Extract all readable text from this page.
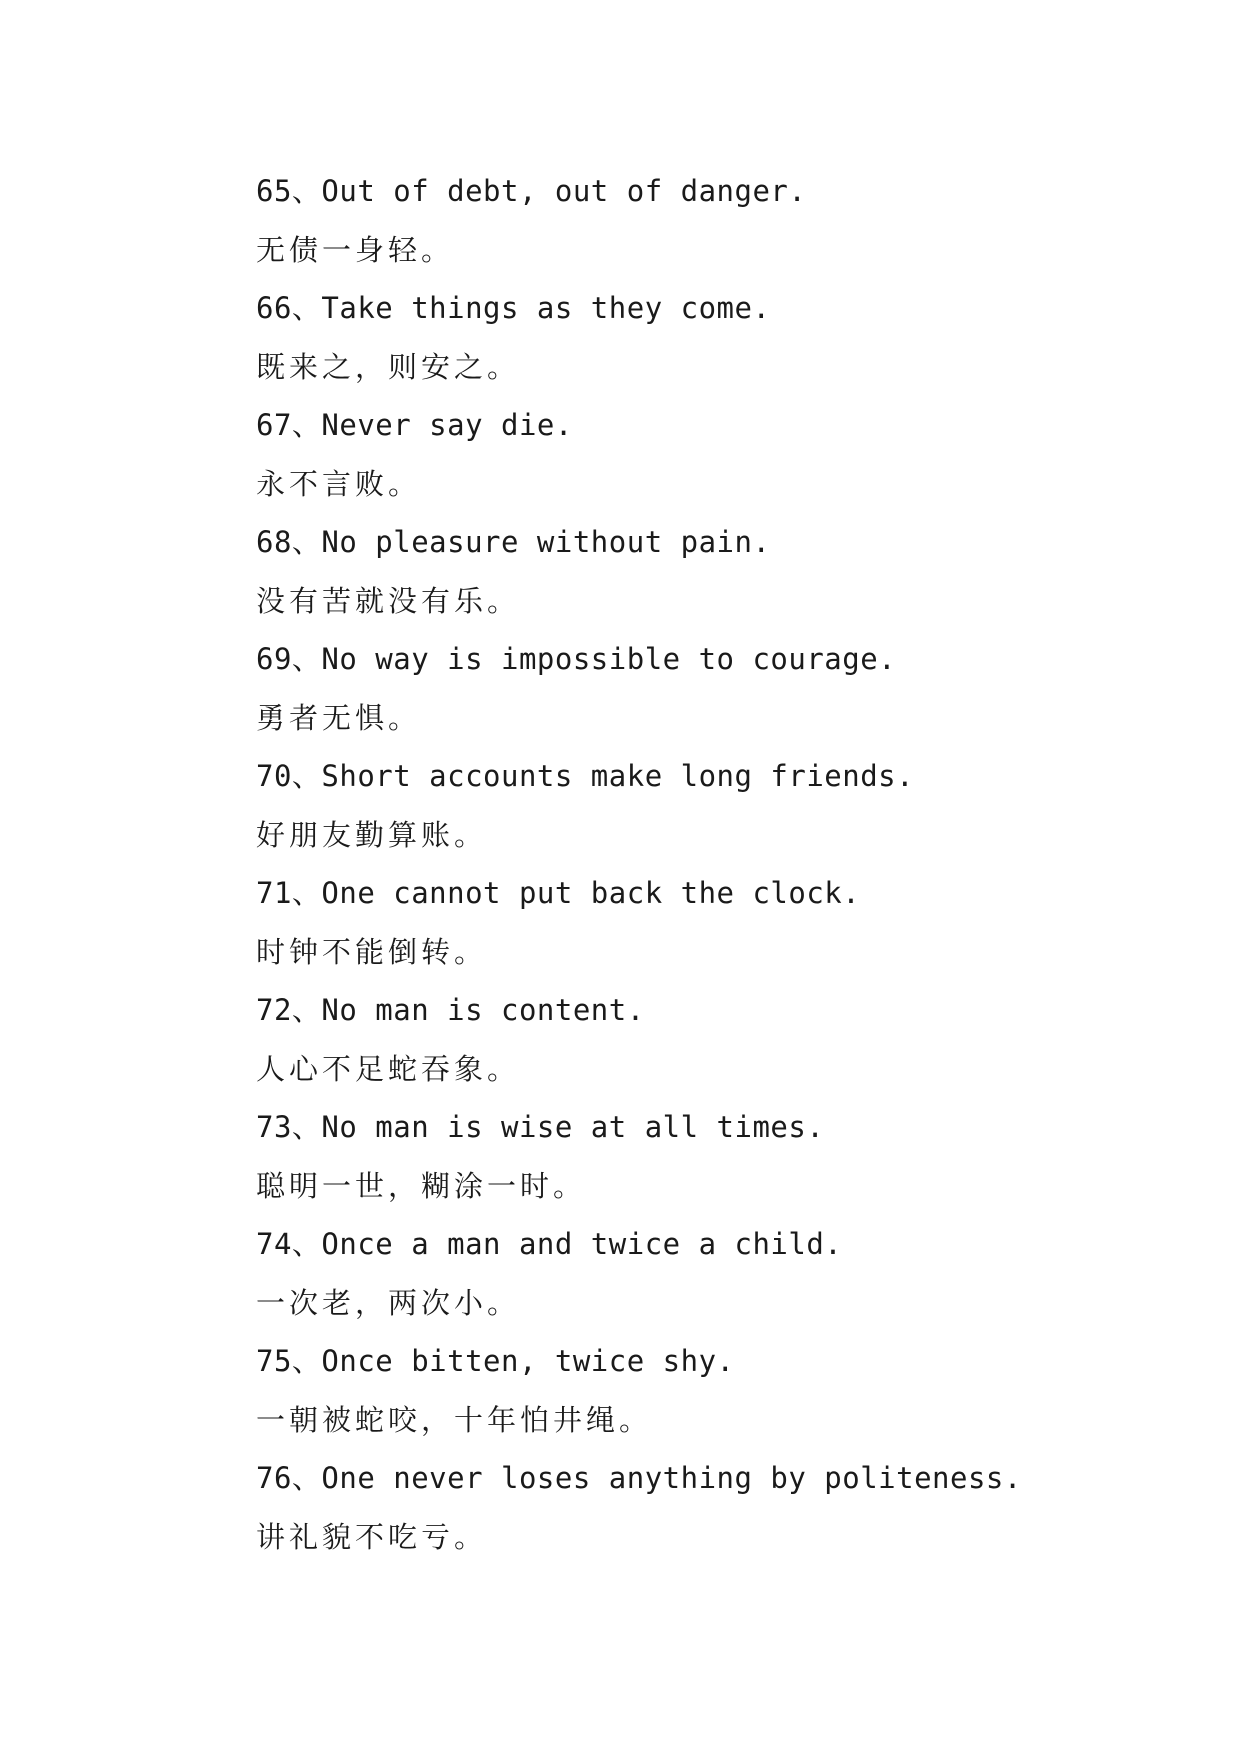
65、Out of debt, out of danger.
无债一身轻。
66、Take things as they come.
既来之，则安之。
67、Never say die.
永不言败。
68、No pleasure without pain.
没有苦就没有乐。
69、No way is impossible to courage.
勇者无惧。
70、Short accounts make long friends.
好朋友勤算账。
71、One cannot put back the clock.
时钟不能倒转。
72、No man is content.
人心不足蛇吞象。
73、No man is wise at all times.
聪明一世，糊涂一时。
74、Once a man and twice a child.
一次老，两次小。
75、Once bitten, twice shy.
一朝被蛇咬，十年怕井绳。
76、One never loses anything by politeness.
讲礼貌不吃亏。
